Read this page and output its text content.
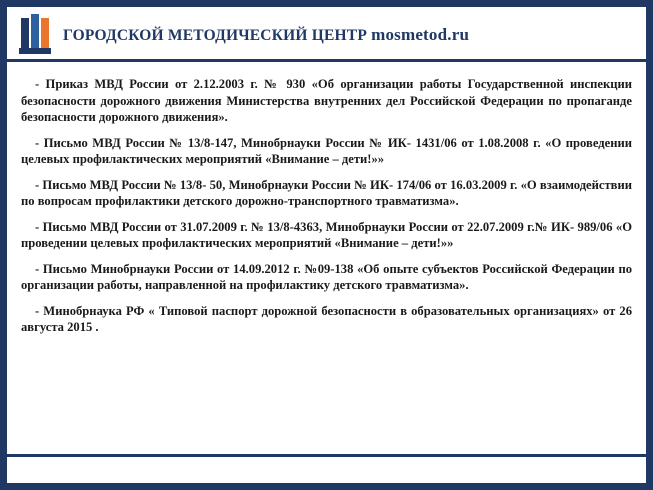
ГОРОДСКОЙ МЕТОДИЧЕСКИЙ ЦЕНТР mosmetod.ru

- Приказ МВД России от 2.12.2003 г. № 930 «Об организации работы Государственной инспекции безопасности дорожного движения Министерства внутренних дел Российской Федерации по пропаганде безопасности дорожного движения».

- Письмо МВД России № 13/8-147, Минобрнауки России № ИК- 1431/06 от 1.08.2008 г. «О проведении целевых профилактических мероприятий «Внимание – дети!»»

- Письмо МВД России № 13/8- 50, Минобрнауки России № ИК- 174/06 от 16.03.2009 г. «О взаимодействии по вопросам профилактики детского дорожно-транспортного травматизма».

- Письмо МВД России от 31.07.2009 г. № 13/8-4363, Минобрнауки России от 22.07.2009 г.№ ИК- 989/06 «О проведении целевых профилактических мероприятий «Внимание – дети!»»

- Письмо Минобрнауки России от 14.09.2012 г. №09-138 «Об опыте субъектов Российской Федерации по организации работы, направленной на профилактику детского травматизма».

- Минобрнаука РФ « Типовой паспорт дорожной безопасности в образовательных организациях» от 26 августа 2015 .
